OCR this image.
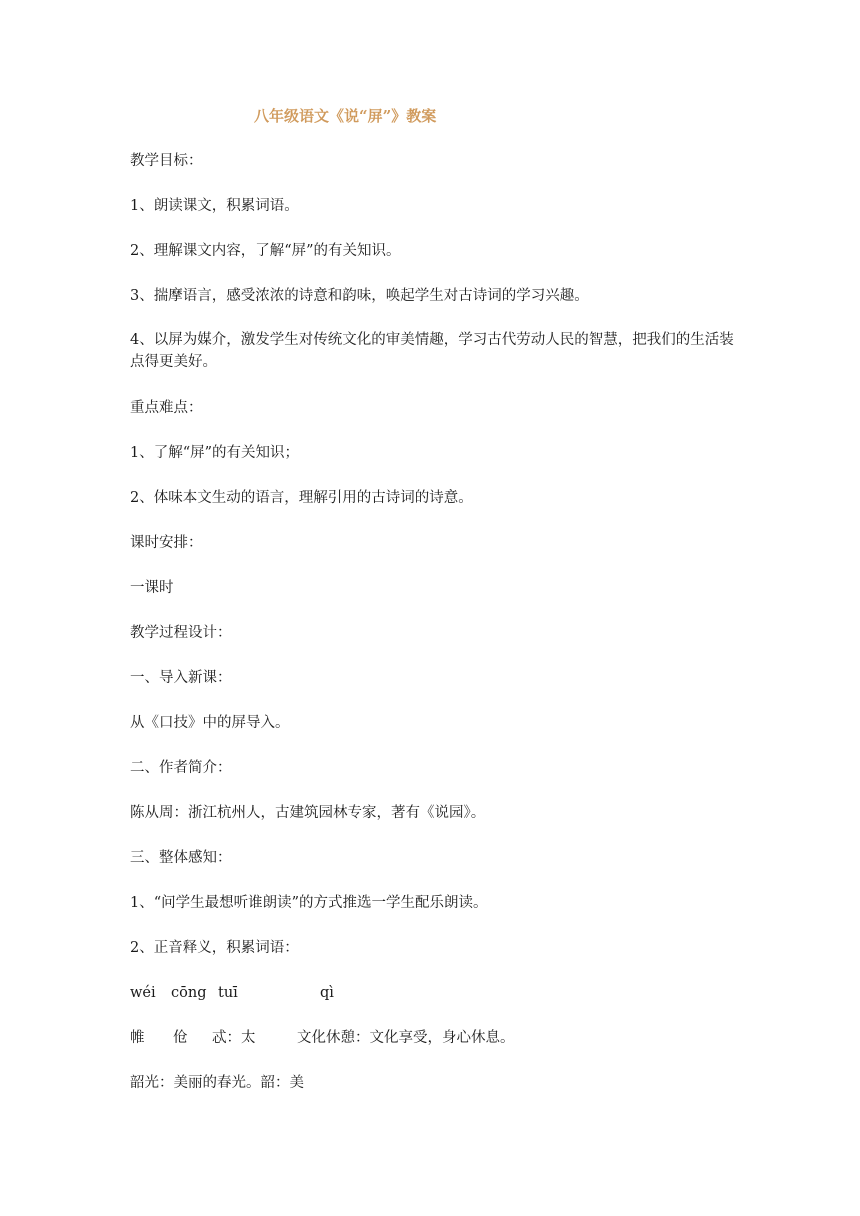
八年级语文《说“屏”》教案
教学目标：
1、朗读课文，积累词语。
2、理解课文内容，了解“屏”的有关知识。
3、揣摩语言，感受浓浓的诗意和韵味，唤起学生对古诗词的学习兴趣。
4、以屏为媒介，激发学生对传统文化的审美情趣，学习古代劳动人民的智慧，把我们的生活装点得更美好。
重点难点：
1、了解“屏”的有关知识；
2、体味本文生动的语言，理解引用的古诗词的诗意。
课时安排：
一课时
教学过程设计：
一、导入新课：
从《口技》中的屏导入。
二、作者简介：
陈从周：浙江杭州人，古建筑园林专家，著有《说园》。
三、整体感知：
1、“问学生最想听谁朗读”的方式推选一学生配乐朗读。
2、正音释义，积累词语：
wéi cōng tuī	qì
帷 伧 忒：太	文化休憩：文化享受，身心休息。
韶光：美丽的春光。韶：美
